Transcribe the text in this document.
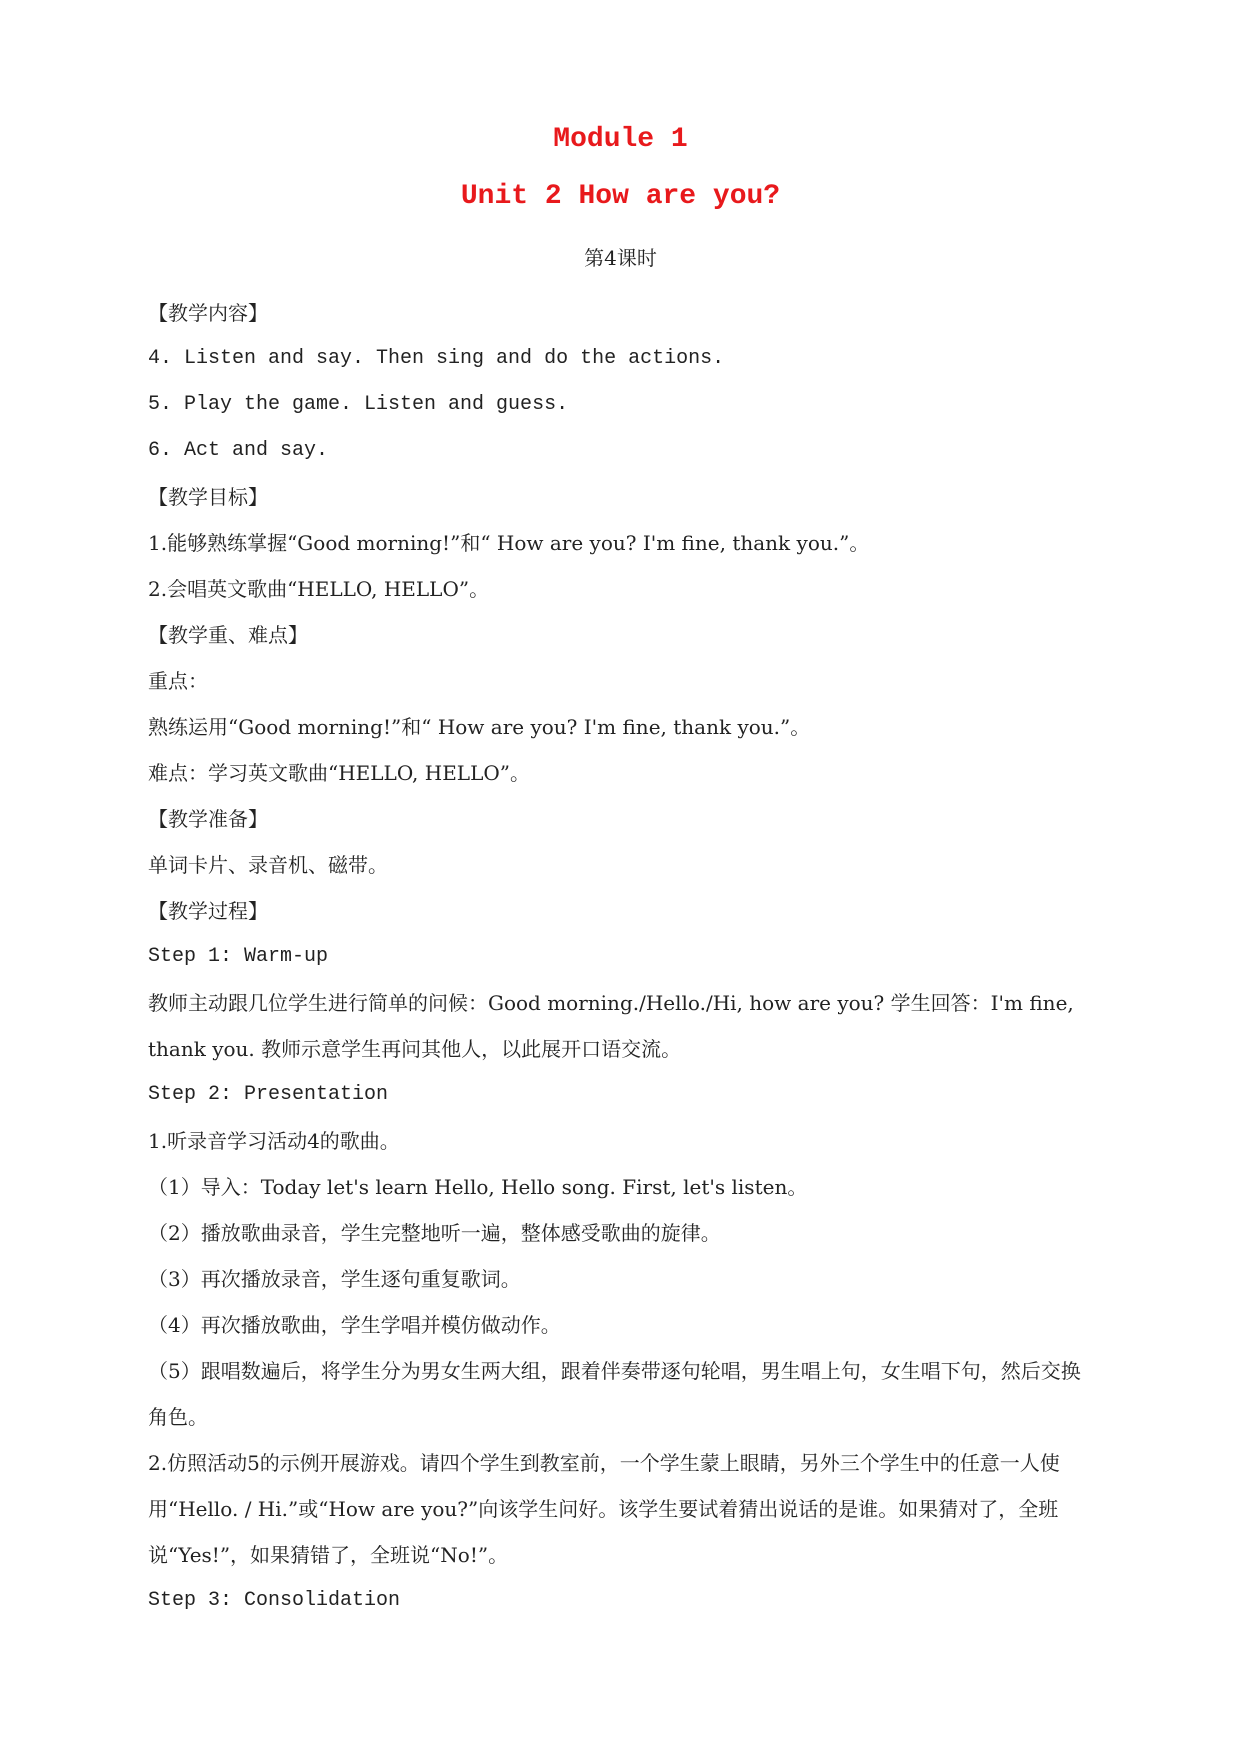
Module 1
Unit 2 How are you?
第4课时

【教学内容】

4. Listen and say. Then sing and do the actions.

5. Play the game. Listen and guess.

6. Act and say.

【教学目标】

1.能够熟练掌握“Good morning!”和“ How are you? I'm fine, thank you.”。

2.会唱英文歌曲“HELLO, HELLO”。

【教学重、难点】

重点：

熟练运用“Good morning!”和“ How are you? I'm fine, thank you.”。

难点：学习英文歌曲“HELLO, HELLO”。

【教学准备】

单词卡片、录音机、磁带。

【教学过程】

Step 1: Warm-up

教师主动跟几位学生进行简单的问候：Good morning./Hello./Hi, how are you? 学生回答：I'm fine, thank you. 教师示意学生再问其他人，以此展开口语交流。

Step 2: Presentation

1.听录音学习活动4的歌曲。

（1）导入：Today let's learn Hello, Hello song. First, let's listen。

（2）播放歌曲录音，学生完整地听一遍，整体感受歌曲的旋律。

（3）再次播放录音，学生逐句重复歌词。

（4）再次播放歌曲，学生学唱并模仿做动作。

（5）跟唱数遍后，将学生分为男女生两大组，跟着伴奏带逐句轮唱，男生唱上句，女生唱下句，然后交换角色。

2.仿照活动5的示例开展游戏。请四个学生到教室前，一个学生蒙上眼睛，另外三个学生中的任意一人使用“Hello. / Hi.”或“How are you?”向该学生问好。该学生要试着猜出说话的是谁。如果猜对了，全班说“Yes!”，如果猜错了，全班说“No!”。

Step 3: Consolidation
